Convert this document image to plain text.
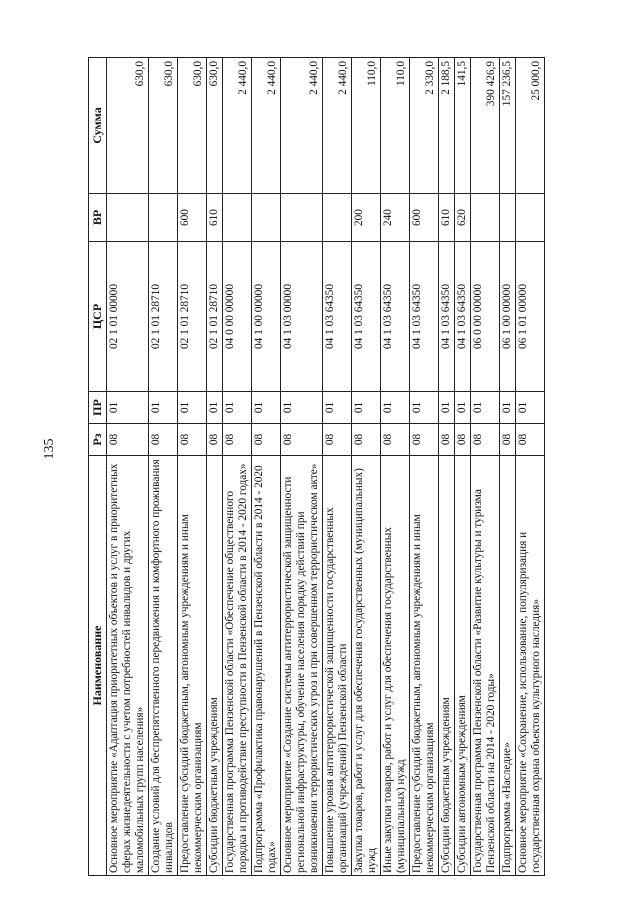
135
Наименование	Рз	ПР	ЦСР	ВР	Сумма
Основное мероприятие «Адаптация приоритетных объектов и услуг в приоритетных сферах жизнедеятельности с учетом потребностей инвалидов и других маломобильных групп населения»	08	01	02 1 01 00000		630,0
Создание условий для беспрепятственного передвижения и комфортного проживания инвалидов	08	01	02 1 01 28710		630,0
Предоставление субсидий бюджетным, автономным учреждениям и иным некоммерческим организациям	08	01	02 1 01 28710	600	630,0
Субсидии бюджетным учреждениям	08	01	02 1 01 28710	610	630,0
Государственная программа Пензенской области «Обеспечение общественного порядка и противодействие преступности в Пензенской области в 2014 - 2020 годах»	08	01	04 0 00 00000		2 440,0
Подпрограмма «Профилактика правонарушений в Пензенской области в 2014 - 2020 годах»	08	01	04 1 00 00000		2 440,0
Основное мероприятие «Создание системы антитеррористической защищенности региональной инфраструктуры, обучение населения порядку действий при возникновении террористических угроз и при совершенном террористическом акте»	08	01	04 1 03 00000		2 440,0
Повышение уровня антитеррористической защищенности государственных организаций (учреждений) Пензенской области	08	01	04 1 03 64350		2 440,0
Закупка товаров, работ и услуг для обеспечения государственных (муниципальных) нужд	08	01	04 1 03 64350	200	110,0
Иные закупки товаров, работ и услуг для обеспечения государственных (муниципальных) нужд	08	01	04 1 03 64350	240	110,0
Предоставление субсидий бюджетным, автономным учреждениям и иным некоммерческим организациям	08	01	04 1 03 64350	600	2 330,0
Субсидии бюджетным учреждениям	08	01	04 1 03 64350	610	2 188,5
Субсидии автономным учреждениям	08	01	04 1 03 64350	620	141,5
Государственная программа Пензенской области «Развитие культуры и туризма Пензенской области на 2014 - 2020 годы»	08	01	06 0 00 00000		390 426,9
Подпрограмма «Наследие»	08	01	06 1 00 00000		157 236,5
Основное мероприятие «Сохранение, использование, популяризация и государственная охрана объектов культурного наследия»	08	01	06 1 01 00000		25 000,0
